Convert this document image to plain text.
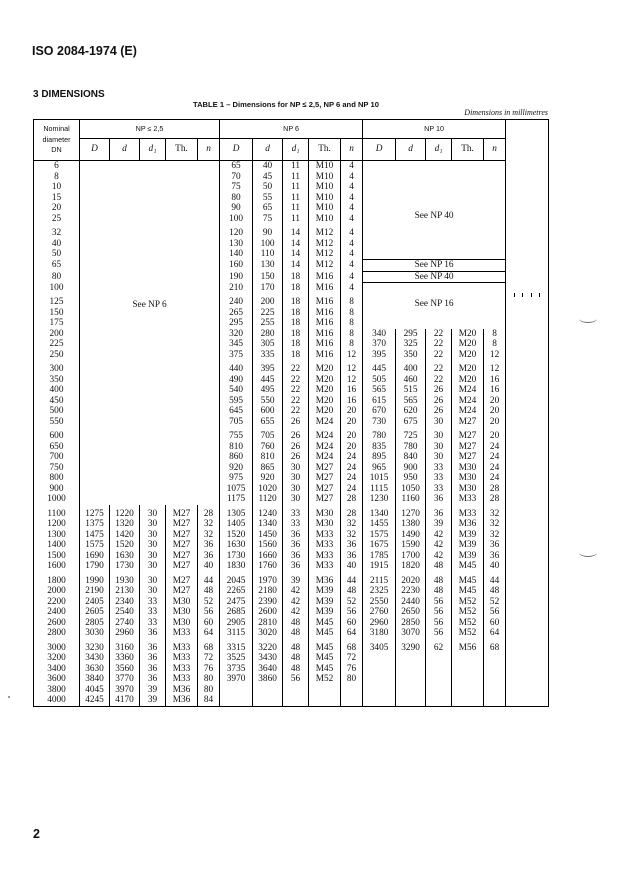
ISO 2084-1974 (E)
3 DIMENSIONS
TABLE 1 – Dimensions for NP ≤ 2,5, NP 6 and NP 10
Dimensions in millimetres
Nominal
diameter
DN	NP ≤ 2,5					NP 6					NP 10									
	D	d	d₁	Th.	n	D	d	d₁	Th.	n	D	d	d₁	Th.	n					
6	See NP 6					65	40	11	M10	4	See NP 40									
8						70	45	11	M10	4										
10						75	50	11	M10	4										
15						80	55	11	M10	4										
20						90	65	11	M10	4										
25						100	75	11	M10	4										

32						120	90	14	M12	4										
40						130	100	14	M12	4										
50						140	110	14	M12	4										
65						160	130	14	M12	4	See NP 16									
80						190	150	18	M16	4	See NP 40									
100						210	170	18	M16	4	See NP 16									

125						240	200	18	M16	8										
150						265	225	18	M16	8										
175						295	255	18	M16	8										
200						320	280	18	M16	8	340	295	22	M20	8					
225						345	305	18	M16	8	370	325	22	M20	8					
250						375	335	18	M16	12	395	350	22	M20	12					

300						440	395	22	M20	12	445	400	22	M20	12					
350						490	445	22	M20	12	505	460	22	M20	16					
400						540	495	22	M20	16	565	515	26	M24	16					
450						595	550	22	M20	16	615	565	26	M24	20					
500						645	600	22	M20	20	670	620	26	M24	20					
550						705	655	26	M24	20	730	675	30	M27	20					

600						755	705	26	M24	20	780	725	30	M27	20					
650						810	760	26	M24	20	835	780	30	M27	24					
700						860	810	26	M24	24	895	840	30	M27	24					
750						920	865	30	M27	24	965	900	33	M30	24					
800						975	920	30	M27	24	1015	950	33	M30	24					
900						1075	1020	30	M27	24	1115	1050	33	M30	28					
1000						1175	1120	30	M27	28	1230	1160	36	M33	28					

1100	1275	1220	30	M27	28	1305	1240	33	M30	28	1340	1270	36	M33	32					
1200	1375	1320	30	M27	32	1405	1340	33	M30	32	1455	1380	39	M36	32					
1300	1475	1420	30	M27	32	1520	1450	36	M33	32	1575	1490	42	M39	32					
1400	1575	1520	30	M27	36	1630	1560	36	M33	36	1675	1590	42	M39	36					
1500	1690	1630	30	M27	36	1730	1660	36	M33	36	1785	1700	42	M39	36					
1600	1790	1730	30	M27	40	1830	1760	36	M33	40	1915	1820	48	M45	40					

1800	1990	1930	30	M27	44	2045	1970	39	M36	44	2115	2020	48	M45	44					
2000	2190	2130	30	M27	48	2265	2180	42	M39	48	2325	2230	48	M45	48					
2200	2405	2340	33	M30	52	2475	2390	42	M39	52	2550	2440	56	M52	52					
2400	2605	2540	33	M30	56	2685	2600	42	M39	56	2760	2650	56	M52	56					
2600	2805	2740	33	M30	60	2905	2810	48	M45	60	2960	2850	56	M52	60					
2800	3030	2960	36	M33	64	3115	3020	48	M45	64	3180	3070	56	M52	64					

3000	3230	3160	36	M33	68	3315	3220	48	M45	68	3405	3290	62	M56	68					
3200	3430	3360	36	M33	72	3525	3430	48	M45	72										
3400	3630	3560	36	M33	76	3735	3640	48	M45	76										
3600	3840	3770	36	M33	80	3970	3860	56	M52	80										
3800	4045	3970	39	M36	80															
4000	4245	4170	39	M36	84															
2
